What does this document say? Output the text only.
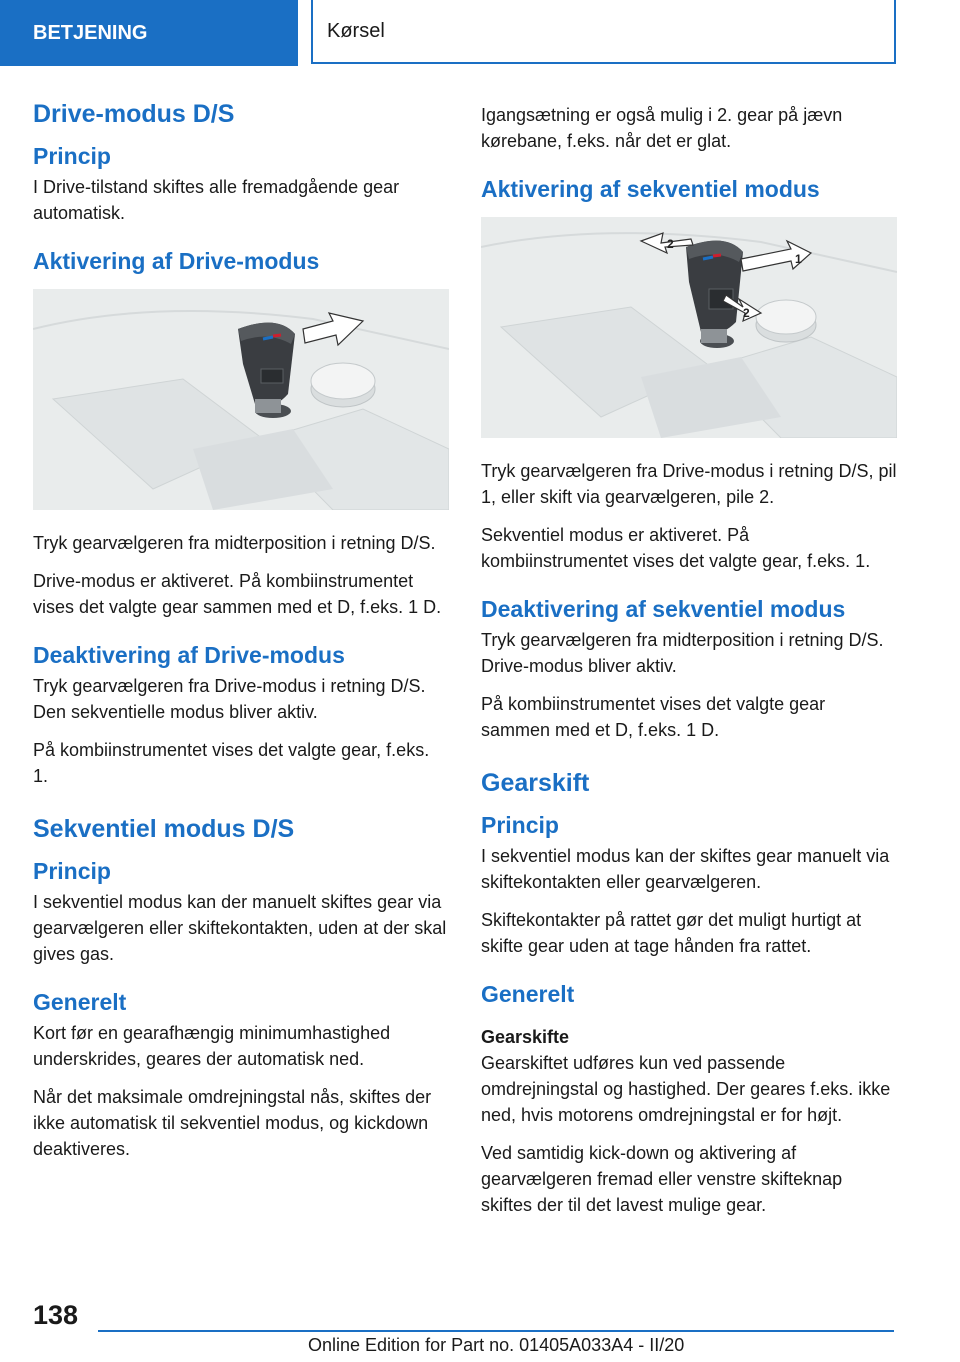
BETJENING	Kørsel
Drive-modus D/S
Princip

I Drive-tilstand skiftes alle fremadgående gear automatisk.

Aktivering af Drive-modus

Tryk gearvælgeren fra midterposition i retning D/S.

Drive-modus er aktiveret. På kombiinstrumentet vises det valgte gear sammen med et D, f.eks. 1 D.

Deaktivering af Drive-modus

Tryk gearvælgeren fra Drive-modus i retning D/S. Den sekventielle modus bliver aktiv.

På kombiinstrumentet vises det valgte gear, f.eks. 1.

Sekventiel modus D/S
Princip

I sekventiel modus kan der manuelt skiftes gear via gearvælgeren eller skiftekontakten, uden at der skal gives gas.

Generelt

Kort før en gearafhængig minimumhastighed underskrides, geares der automatisk ned.

Når det maksimale omdrejningstal nås, skiftes der ikke automatisk til sekventiel modus, og kickdown deaktiveres.

Igangsætning er også mulig i 2. gear på jævn kørebane, f.eks. når det er glat.

Aktivering af sekventiel modus
1
2
2

Tryk gearvælgeren fra Drive-modus i retning D/S, pil 1, eller skift via gearvælgeren, pile 2.

Sekventiel modus er aktiveret. På kombiinstrumentet vises det valgte gear, f.eks. 1.

Deaktivering af sekventiel modus

Tryk gearvælgeren fra midterposition i retning D/S. Drive-modus bliver aktiv.

På kombiinstrumentet vises det valgte gear sammen med et D, f.eks. 1 D.

Gearskift
Princip

I sekventiel modus kan der skiftes gear manuelt via skiftekontakten eller gearvælgeren.

Skiftekontakter på rattet gør det muligt hurtigt at skifte gear uden at tage hånden fra rattet.

Generelt
Gearskifte

Gearskiftet udføres kun ved passende omdrejningstal og hastighed. Der geares f.eks. ikke ned, hvis motorens omdrejningstal er for højt.

Ved samtidig kick-down og aktivering af gearvælgeren fremad eller venstre skifteknap skiftes der til det lavest mulige gear.

138
Online Edition for Part no. 01405A033A4 - II/20
